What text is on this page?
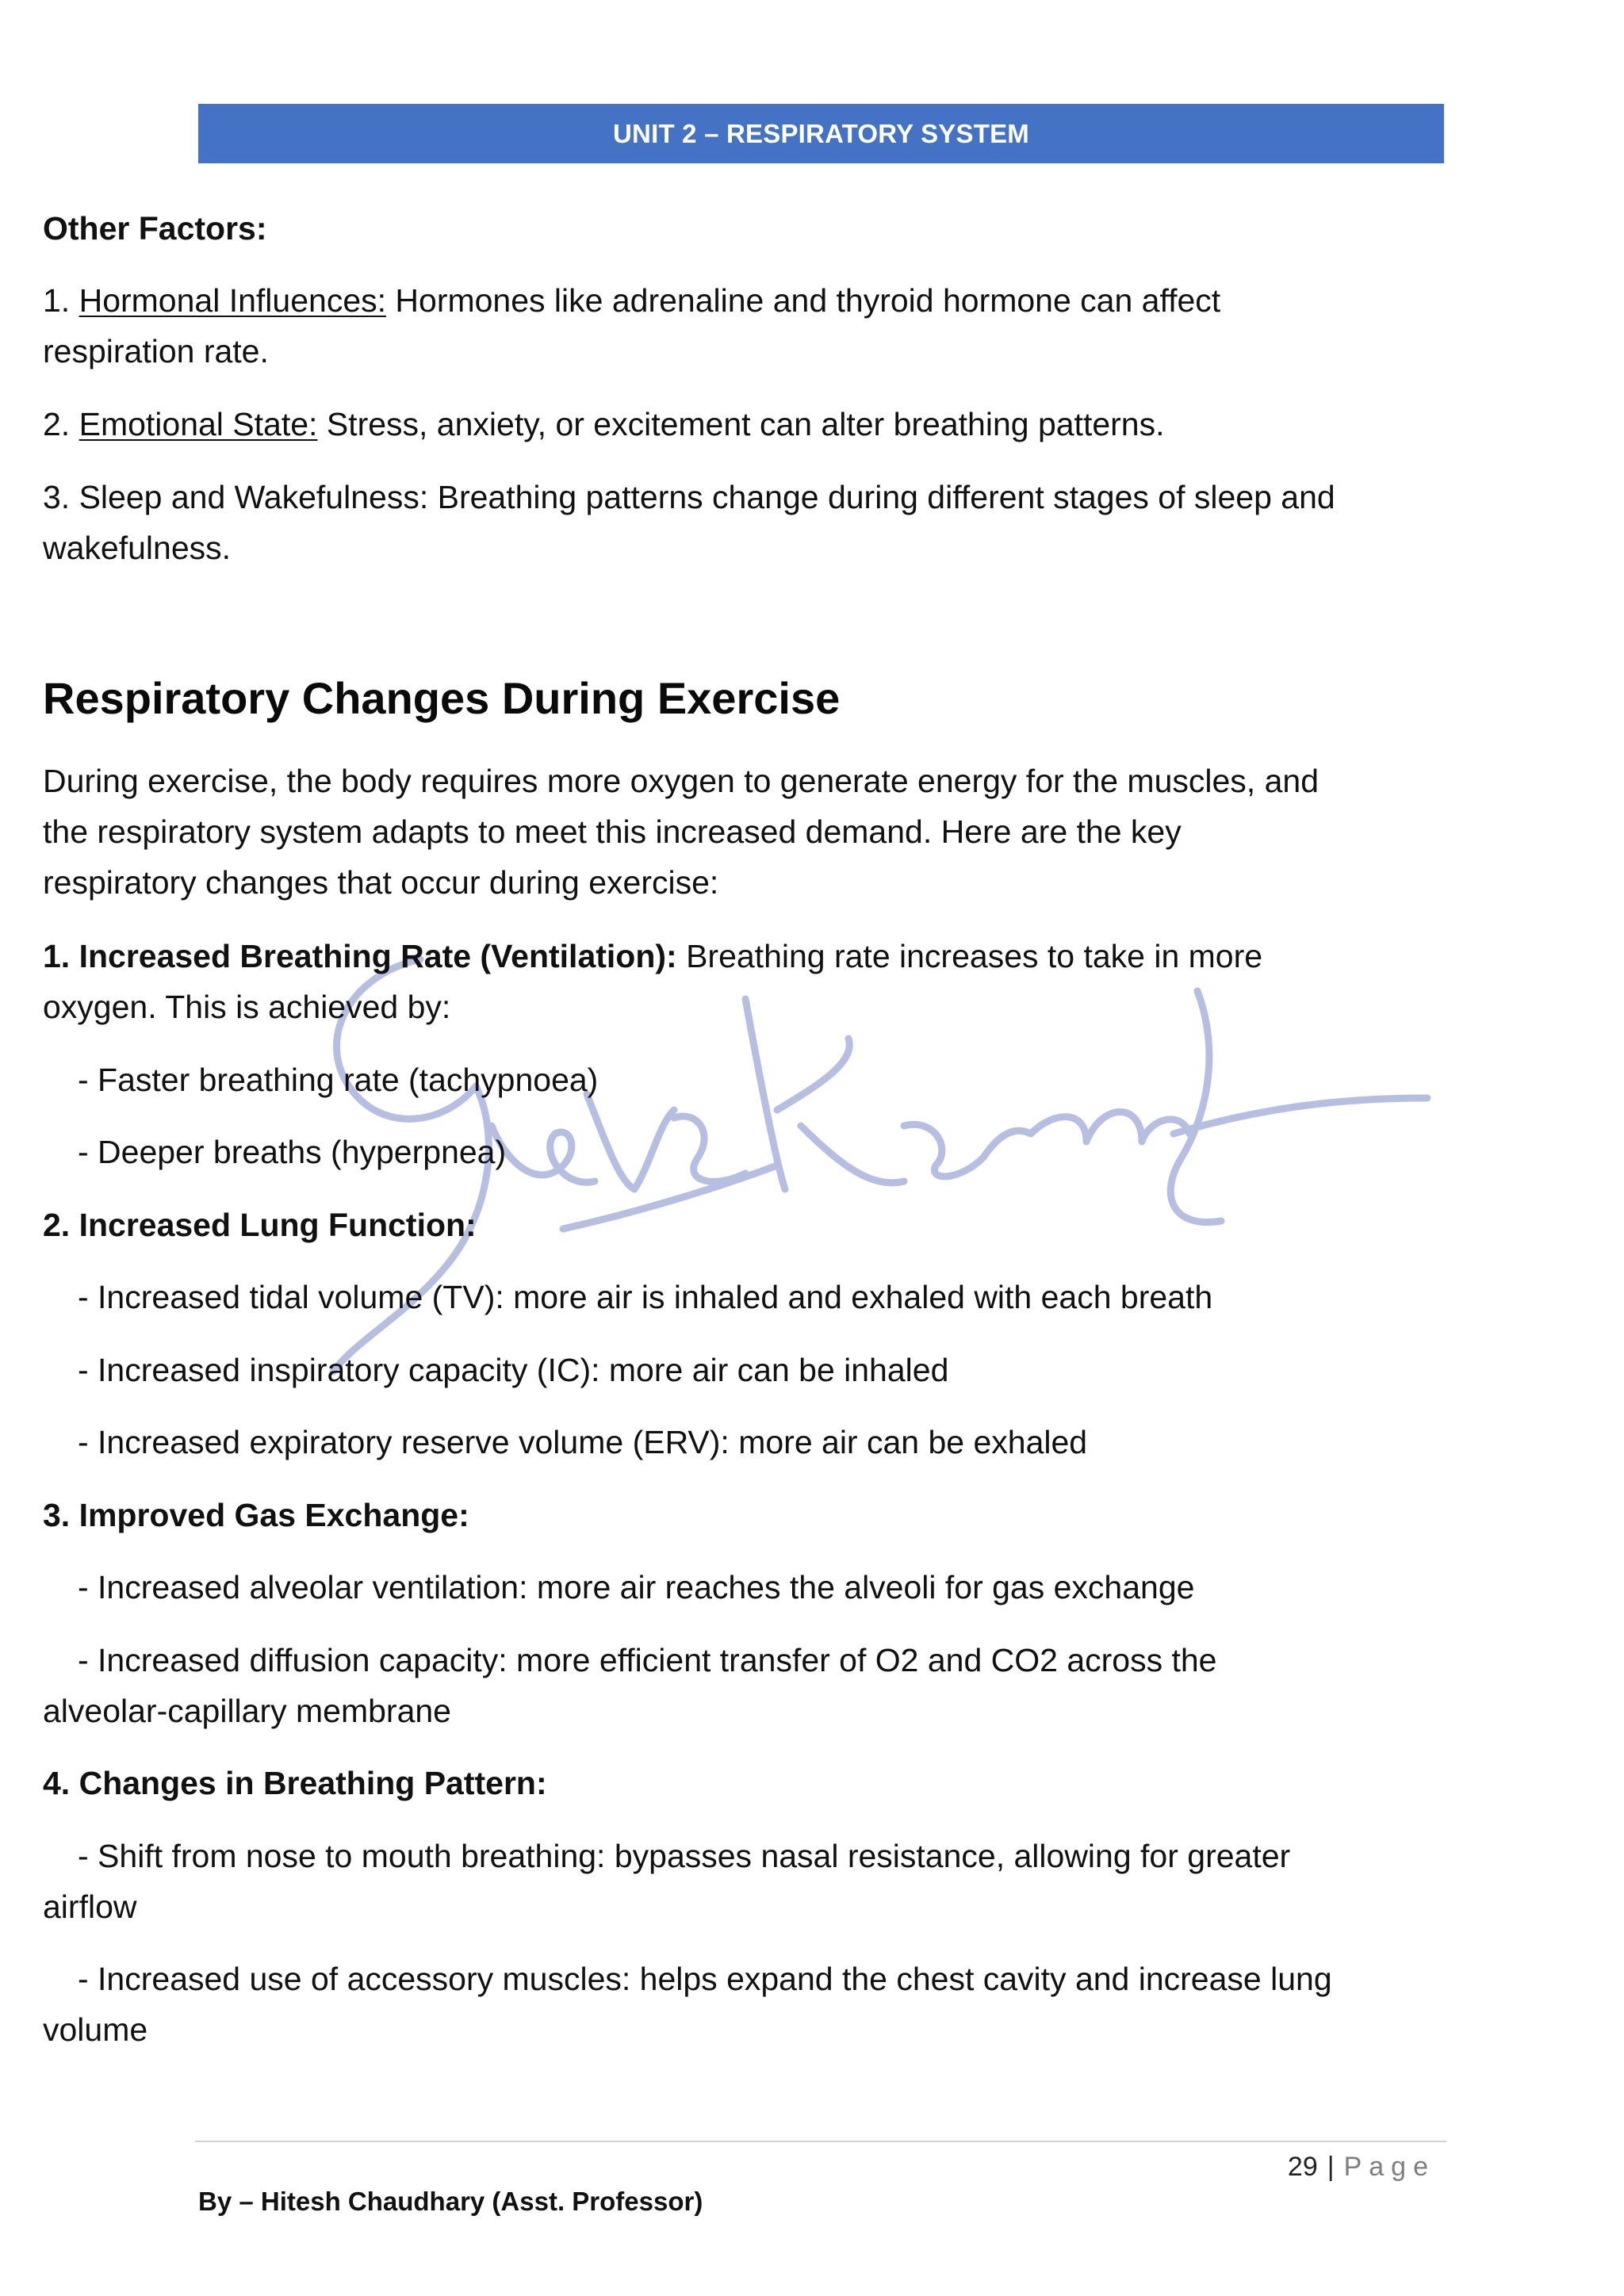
UNIT 2 – RESPIRATORY SYSTEM
Other Factors:
1. Hormonal Influences: Hormones like adrenaline and thyroid hormone can affect
respiration rate.
2. Emotional State: Stress, anxiety, or excitement can alter breathing patterns.
3. Sleep and Wakefulness: Breathing patterns change during different stages of sleep and
wakefulness.
Respiratory Changes During Exercise
During exercise, the body requires more oxygen to generate energy for the muscles, and
the respiratory system adapts to meet this increased demand. Here are the key
respiratory changes that occur during exercise:
1. Increased Breathing Rate (Ventilation): Breathing rate increases to take in more
oxygen. This is achieved by:
- Faster breathing rate (tachypnoea)
- Deeper breaths (hyperpnea)
2. Increased Lung Function:
- Increased tidal volume (TV): more air is inhaled and exhaled with each breath
- Increased inspiratory capacity (IC): more air can be inhaled
- Increased expiratory reserve volume (ERV): more air can be exhaled
3. Improved Gas Exchange:
- Increased alveolar ventilation: more air reaches the alveoli for gas exchange
- Increased diffusion capacity: more efficient transfer of O2 and CO2 across the
alveolar-capillary membrane
4. Changes in Breathing Pattern:
- Shift from nose to mouth breathing: bypasses nasal resistance, allowing for greater
airflow
- Increased use of accessory muscles: helps expand the chest cavity and increase lung
volume
29 | Page
By – Hitesh Chaudhary (Asst. Professor)
